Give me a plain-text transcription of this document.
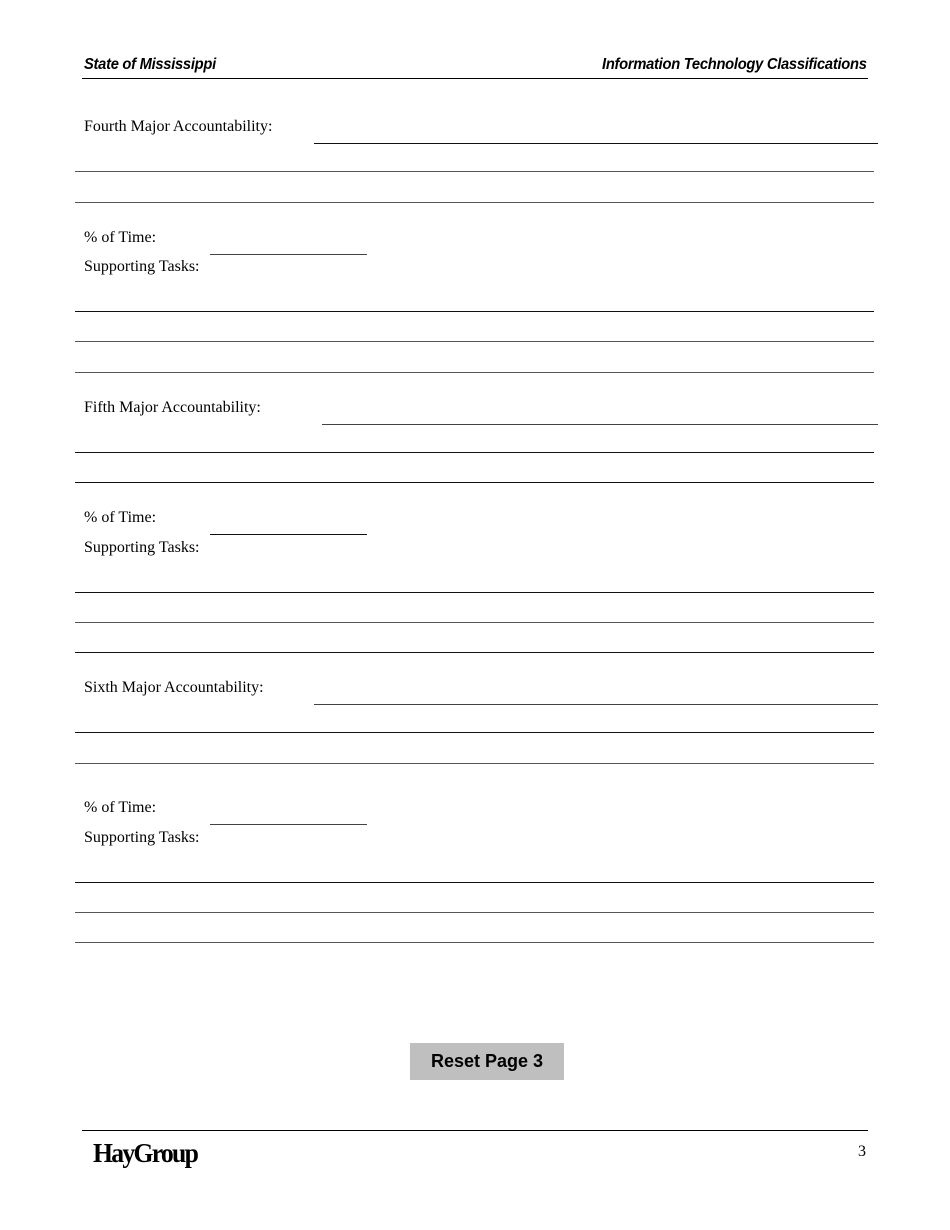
State of Mississippi	Information Technology Classifications
Fourth Major Accountability:
% of Time:
Supporting Tasks:
Fifth Major Accountability:
% of Time:
Supporting Tasks:
Sixth Major Accountability:
% of Time:
Supporting Tasks:
Reset Page 3
HayGroup	3
